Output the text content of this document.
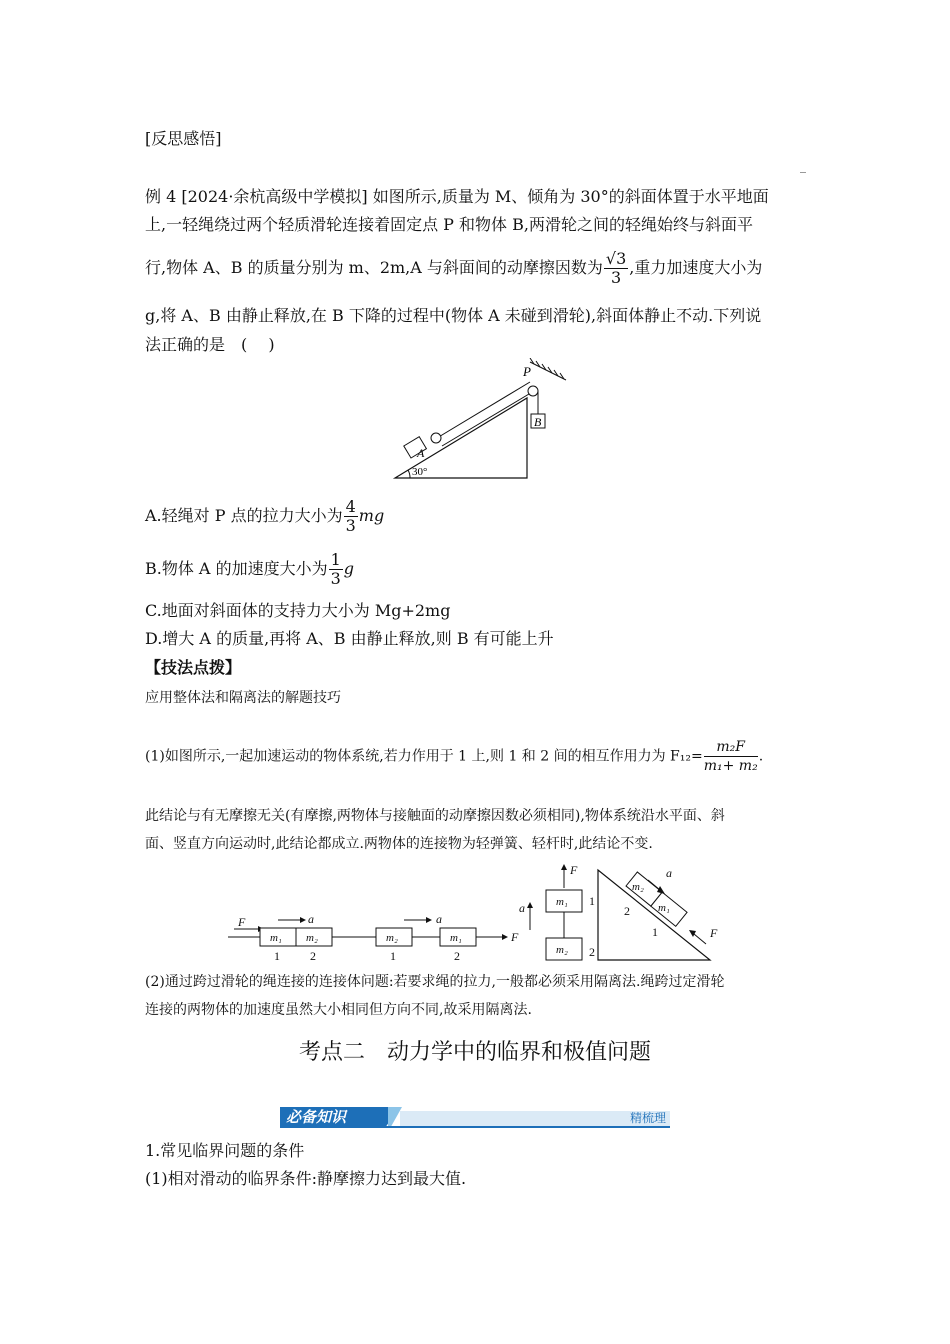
[反思感悟]
例 4 [2024·余杭高级中学模拟] 如图所示,质量为 M、倾角为 30°的斜面体置于水平地面
上,一轻绳绕过两个轻质滑轮连接着固定点 P 和物体 B,两滑轮之间的轻绳始终与斜面平
行,物体 A、B 的质量分别为 m、2m,A 与斜面间的动摩擦因数为 $\frac{√3}{3}$ ,重力加速度大小为
g,将 A、B 由静止释放,在 B 下降的过程中(物体 A 未碰到滑轮),斜面体静止不动.下列说
法正确的是　(　 )
B
A
P
30°
A.轻绳对 P 点的拉力大小为 $\frac{4}{3}$ mg
B.物体 A 的加速度大小为 $\frac{1}{3}$ g
C.地面对斜面体的支持力大小为 Mg+2mg
D.增大 A 的质量,再将 A、B 由静止释放,则 B 有可能上升
【技法点拨】
应用整体法和隔离法的解题技巧
(1)如图所示,一起加速运动的物体系统,若力作用于 1 上,则 1 和 2 间的相互作用力为 $F_{12}= \frac{\text{m₂F}}{\text{m₁+ m₂}}$ .
此结论与有无摩擦无关(有摩擦,两物体与接触面的动摩擦因数必须相同),物体系统沿水平面、斜
面、竖直方向运动时,此结论都成立.两物体的连接物为轻弹簧、轻杆时,此结论不变.
F
m₁ m₂
1	2
a
m₂	m₁
1	2
a
F
F
m₁ 1
m₂ 2
a
m₂
m₁
2
1
a
F
(2)通过跨过滑轮的绳连接的连接体问题:若要求绳的拉力,一般都必须采用隔离法.绳跨过定滑轮
连接的两物体的加速度虽然大小相同但方向不同,故采用隔离法.
考点二　动力学中的临界和极值问题
必备知识	精梳理
1.常见临界问题的条件
(1)相对滑动的临界条件:静摩擦力达到最大值.
